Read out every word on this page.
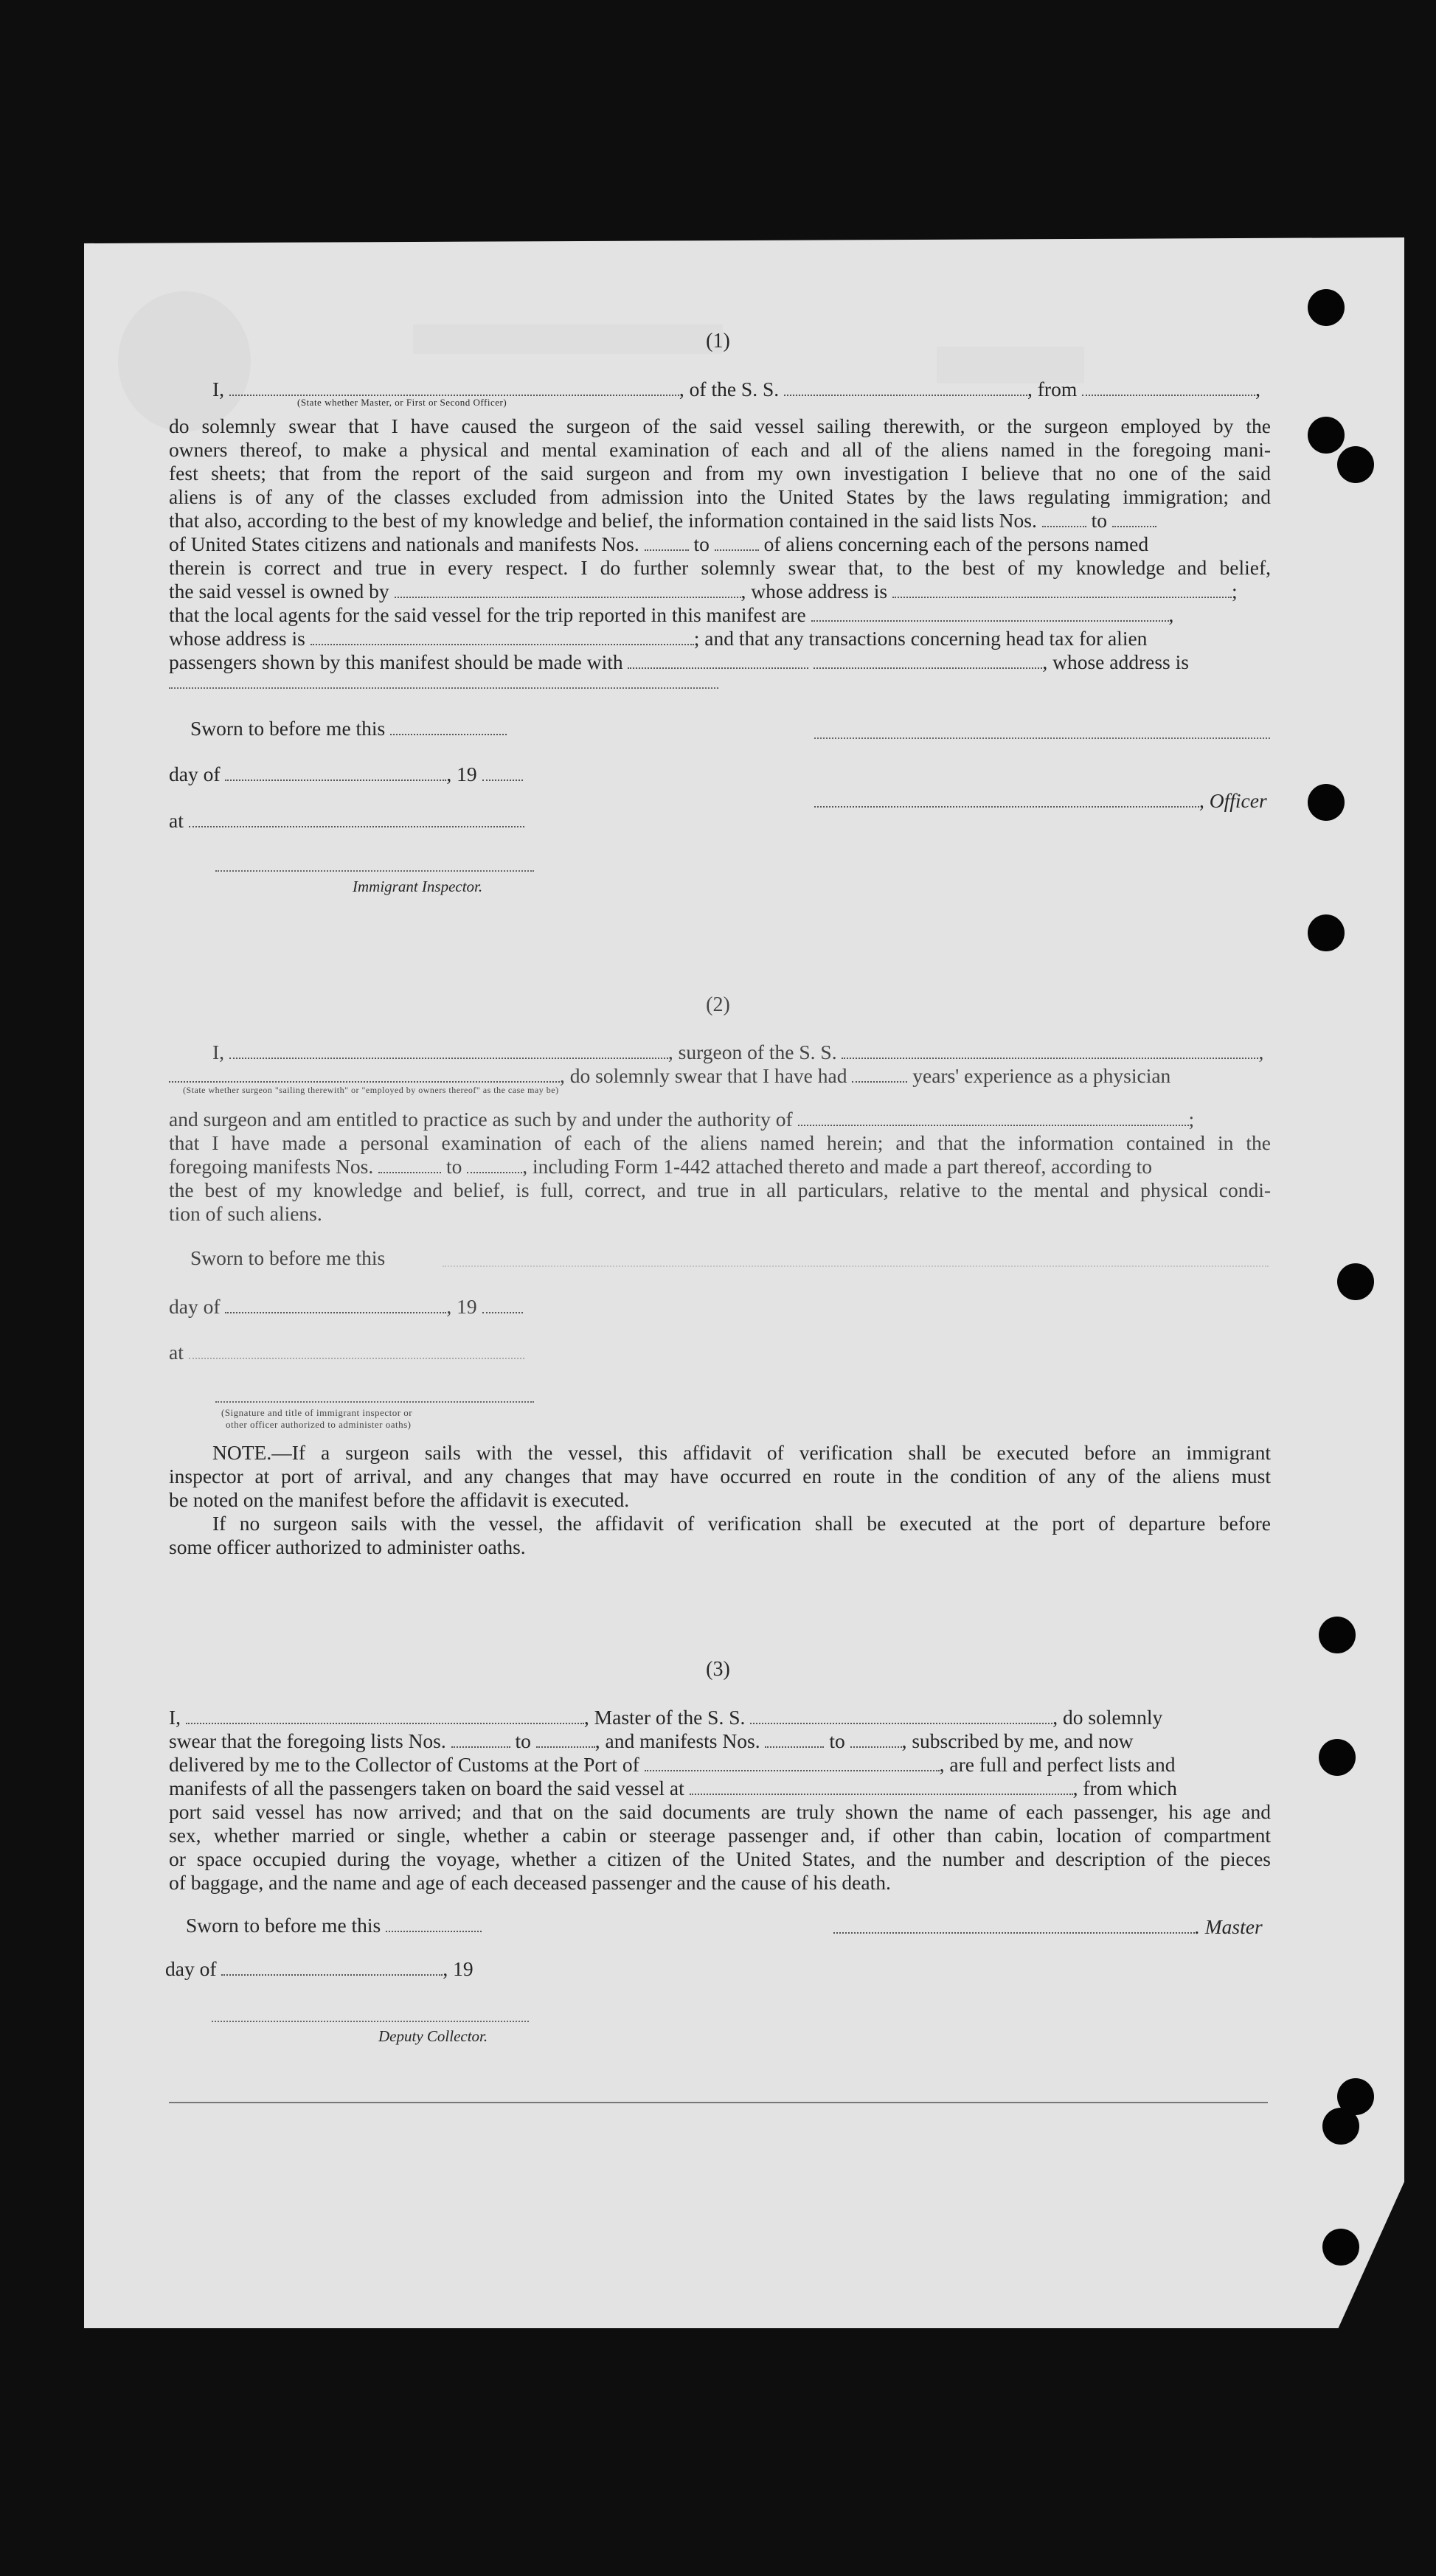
(1)
I,	, of the S. S.	, from	,
(State whether Master, or First or Second Officer)
do solemnly swear that I have caused the surgeon of the said vessel sailing therewith, or the surgeon employed by the
owners thereof, to make a physical and mental examination of each and all of the aliens named in the foregoing mani-
fest sheets; that from the report of the said surgeon and from my own investigation I believe that no one of the said
aliens is of any of the classes excluded from admission into the United States by the laws regulating immigration; and
that also, according to the best of my knowledge and belief, the information contained in the said lists Nos.	to
of United States citizens and nationals and manifests Nos.	to	of aliens concerning each of the persons named
therein is correct and true in every respect. I do further solemnly swear that, to the best of my knowledge and belief,
the said vessel is owned by	, whose address is	;
that the local agents for the said vessel for the trip reported in this manifest are	,
whose address is	; and that any transactions concerning head tax for alien
passengers shown by this manifest should be made with	, whose address is
Sworn to before me this
day of	, 19
, Officer
at
Immigrant Inspector.
(2)
I,	, surgeon of the S. S.	,
, do solemnly swear that I have had	years' experience as a physician
(State whether surgeon "sailing therewith" or "employed by owners thereof" as the case may be)
and surgeon and am entitled to practice as such by and under the authority of	;
that I have made a personal examination of each of the aliens named herein; and that the information contained in the
foregoing manifests Nos.	to	, including Form 1-442 attached thereto and made a part thereof, according to
the best of my knowledge and belief, is full, correct, and true in all particulars, relative to the mental and physical condi-
tion of such aliens.
Sworn to before me this
day of	, 19
at
(Signature and title of immigrant inspector or
other officer authorized to administer oaths)
NOTE.—If a surgeon sails with the vessel, this affidavit of verification shall be executed before an immigrant
inspector at port of arrival, and any changes that may have occurred en route in the condition of any of the aliens must
be noted on the manifest before the affidavit is executed.
If no surgeon sails with the vessel, the affidavit of verification shall be executed at the port of departure before
some officer authorized to administer oaths.
(3)
I,	, Master of the S. S.	, do solemnly
swear that the foregoing lists Nos.	to	, and manifests Nos.	to	, subscribed by me, and now
delivered by me to the Collector of Customs at the Port of	, are full and perfect lists and
manifests of all the passengers taken on board the said vessel at	, from which
port said vessel has now arrived; and that on the said documents are truly shown the name of each passenger, his age and
sex, whether married or single, whether a cabin or steerage passenger and, if other than cabin, location of compartment
or space occupied during the voyage, whether a citizen of the United States, and the number and description of the pieces
of baggage, and the name and age of each deceased passenger and the cause of his death.
Sworn to before me this	. Master
day of	, 19
Deputy Collector.
